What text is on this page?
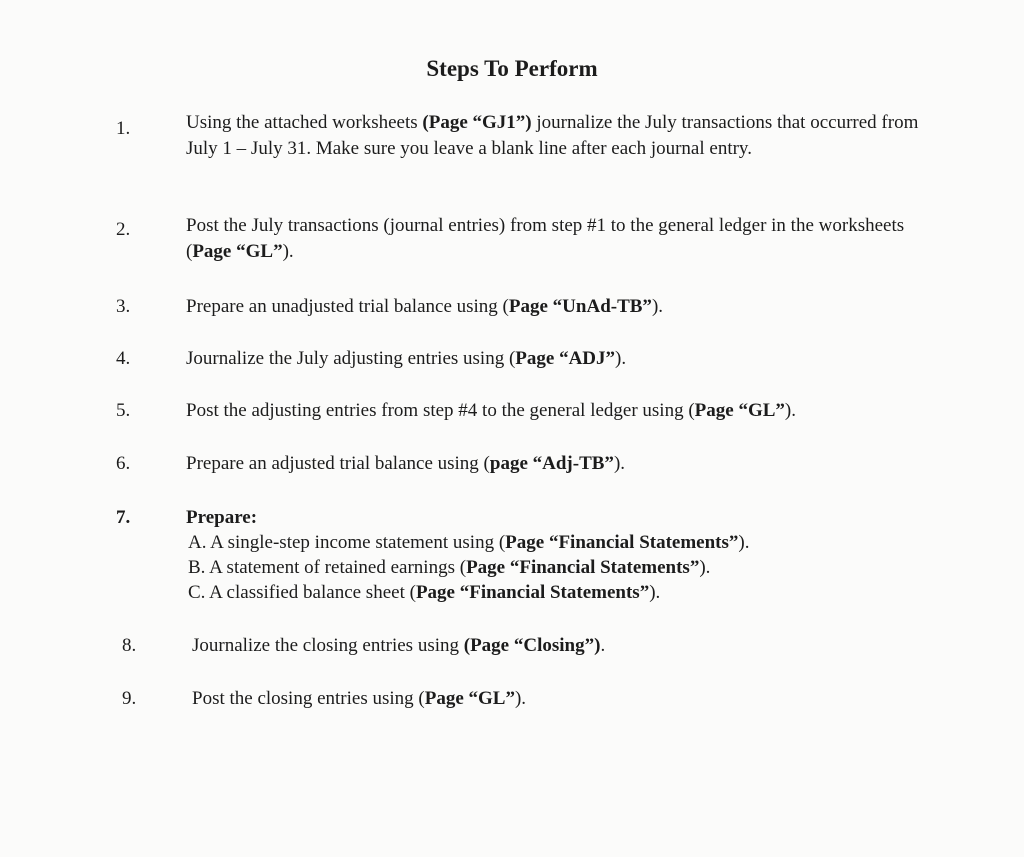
Steps To Perform
1.	Using the attached worksheets (Page “GJ1”) journalize the July transactions that occurred from July 1 – July 31. Make sure you leave a blank line after each journal entry.

2.	Post the July transactions (journal entries) from step #1 to the general ledger in the worksheets (Page “GL”).

3.	Prepare an unadjusted trial balance using (Page “UnAd-TB”).

4.	Journalize the July adjusting entries using (Page “ADJ”).

5.	Post the adjusting entries from step #4 to the general ledger using (Page “GL”).

6.	Prepare an adjusted trial balance using (page “Adj-TB”).

7.	Prepare:

A. A single-step income statement using (Page “Financial Statements”).

B. A statement of retained earnings (Page “Financial Statements”).

C. A classified balance sheet (Page “Financial Statements”).

8.	Journalize the closing entries using (Page “Closing”).

9.	Post the closing entries using (Page “GL”).
